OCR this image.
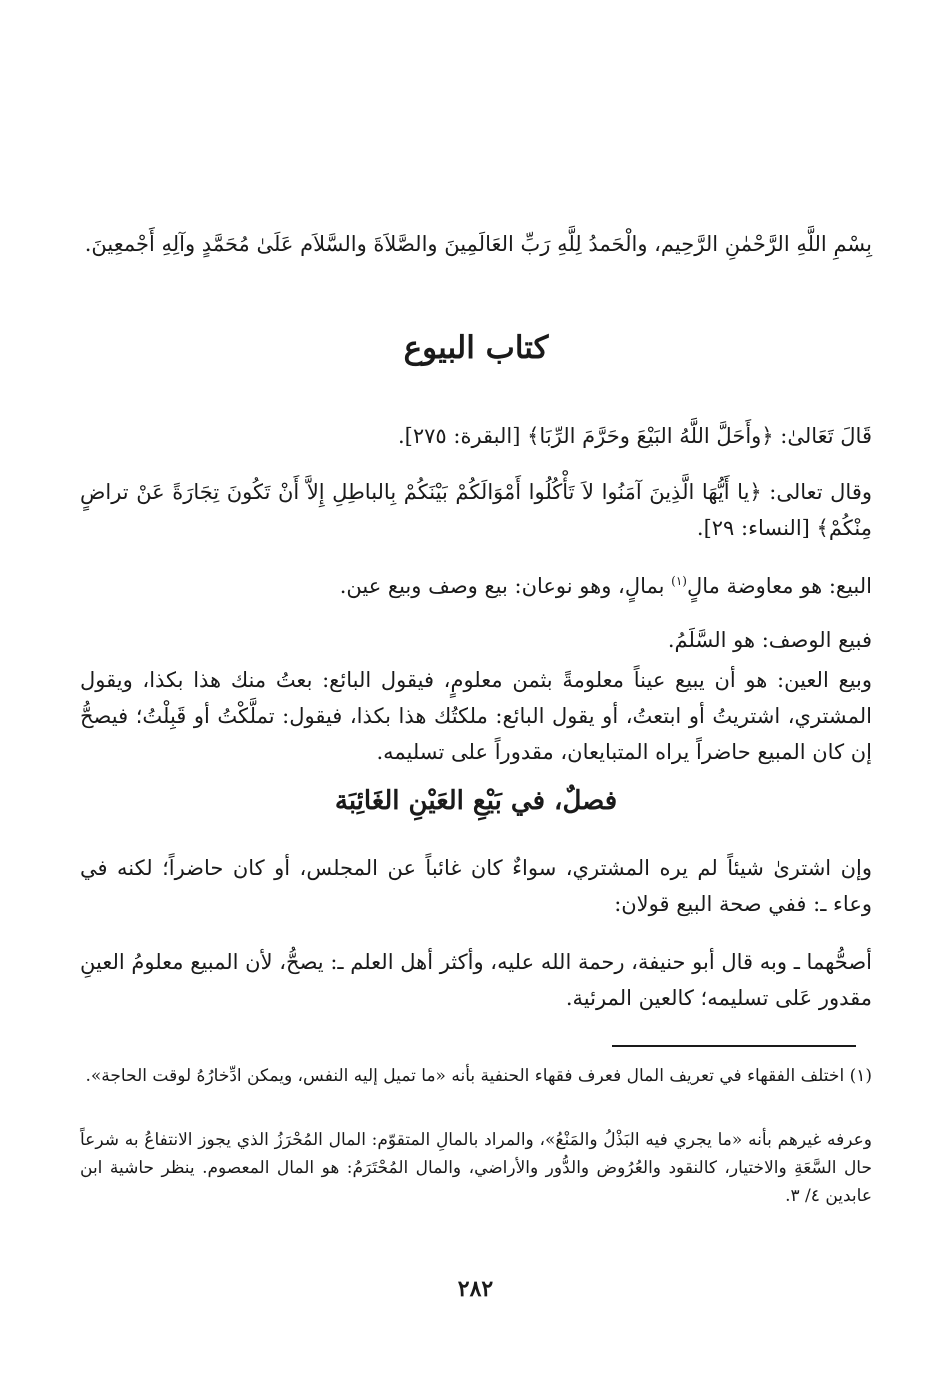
بِسْمِ اللَّهِ الرَّحْمٰنِ الرَّحِيم، والْحَمدُ لِلَّهِ رَبِّ العَالَمِينَ والصَّلاَةَ والسَّلاَم عَلَىٰ مُحَمَّدٍ وآلِهِ أَجْمعِينَ.

كتاب البيوع

قَالَ تَعَالىٰ: ﴿وأَحَلَّ اللَّهُ البَيْعَ وحَرَّمَ الرِّبَا﴾ [البقرة: ٢٧٥].

وقال تعالى: ﴿يا أَيُّهَا الَّذِينَ آمَنُوا لاَ تَأْكُلُوا أَمْوَالَكُمْ بَيْنَكُمْ بِالباطِلِ إِلاَّ أَنْ تَكُونَ تِجَارَةً عَنْ تراضٍ مِنْكُمْ﴾ [النساء: ٢٩].

البيع: هو معاوضة مالٍ$^{(١)}$ بمالٍ، وهو نوعان: بيع وصف وبيع عين.

فبيع الوصف: هو السَّلَمُ.

وبيع العين: هو أن يبيع عيناً معلومةً بثمن معلومٍ، فيقول البائع: بعتُ منك هذا بكذا، ويقول المشتري، اشتريتُ أو ابتعتُ، أو يقول البائع: ملكتُك هذا بكذا، فيقول: تملَّكْتُ أو قَبِلْتُ؛ فيصحُّ إن كان المبيع حاضراً يراه المتبايعان، مقدوراً على تسليمه.

فصلٌ، في بَيْعِ العَيْنِ الغَائِبَة

وإن اشترىٰ شيئاً لم يره المشتري، سواءٌ كان غائباً عن المجلس، أو كان حاضراً؛ لكنه في وعاء ـ: ففي صحة البيع قولان:

أصحُّهما ـ وبه قال أبو حنيفة، رحمة الله عليه، وأكثر أهل العلم ـ: يصحُّ، لأن المبيع معلومُ العينِ مقدور عَلى تسليمه؛ كالعين المرئية.

(١) اختلف الفقهاء في تعريف المال فعرف فقهاء الحنفية بأنه «ما تميل إليه النفس، ويمكن ادِّخارُهُ لوقت الحاجة».

وعرفه غيرهم بأنه «ما يجري فيه البَذْلُ والمَنْعُ»، والمراد بالمالِ المتقوّم: المال المُحْرَزُ الذي يجوز الانتفاعُ به شرعاً حال السَّعَةِ والاختيار، كالنقود والعُرُوض والدُّور والأراضي، والمال المُحْتَرَمُ: هو المال المعصوم. ينظر حاشية ابن عابدين ٤/ ٣.

٢٨٢
